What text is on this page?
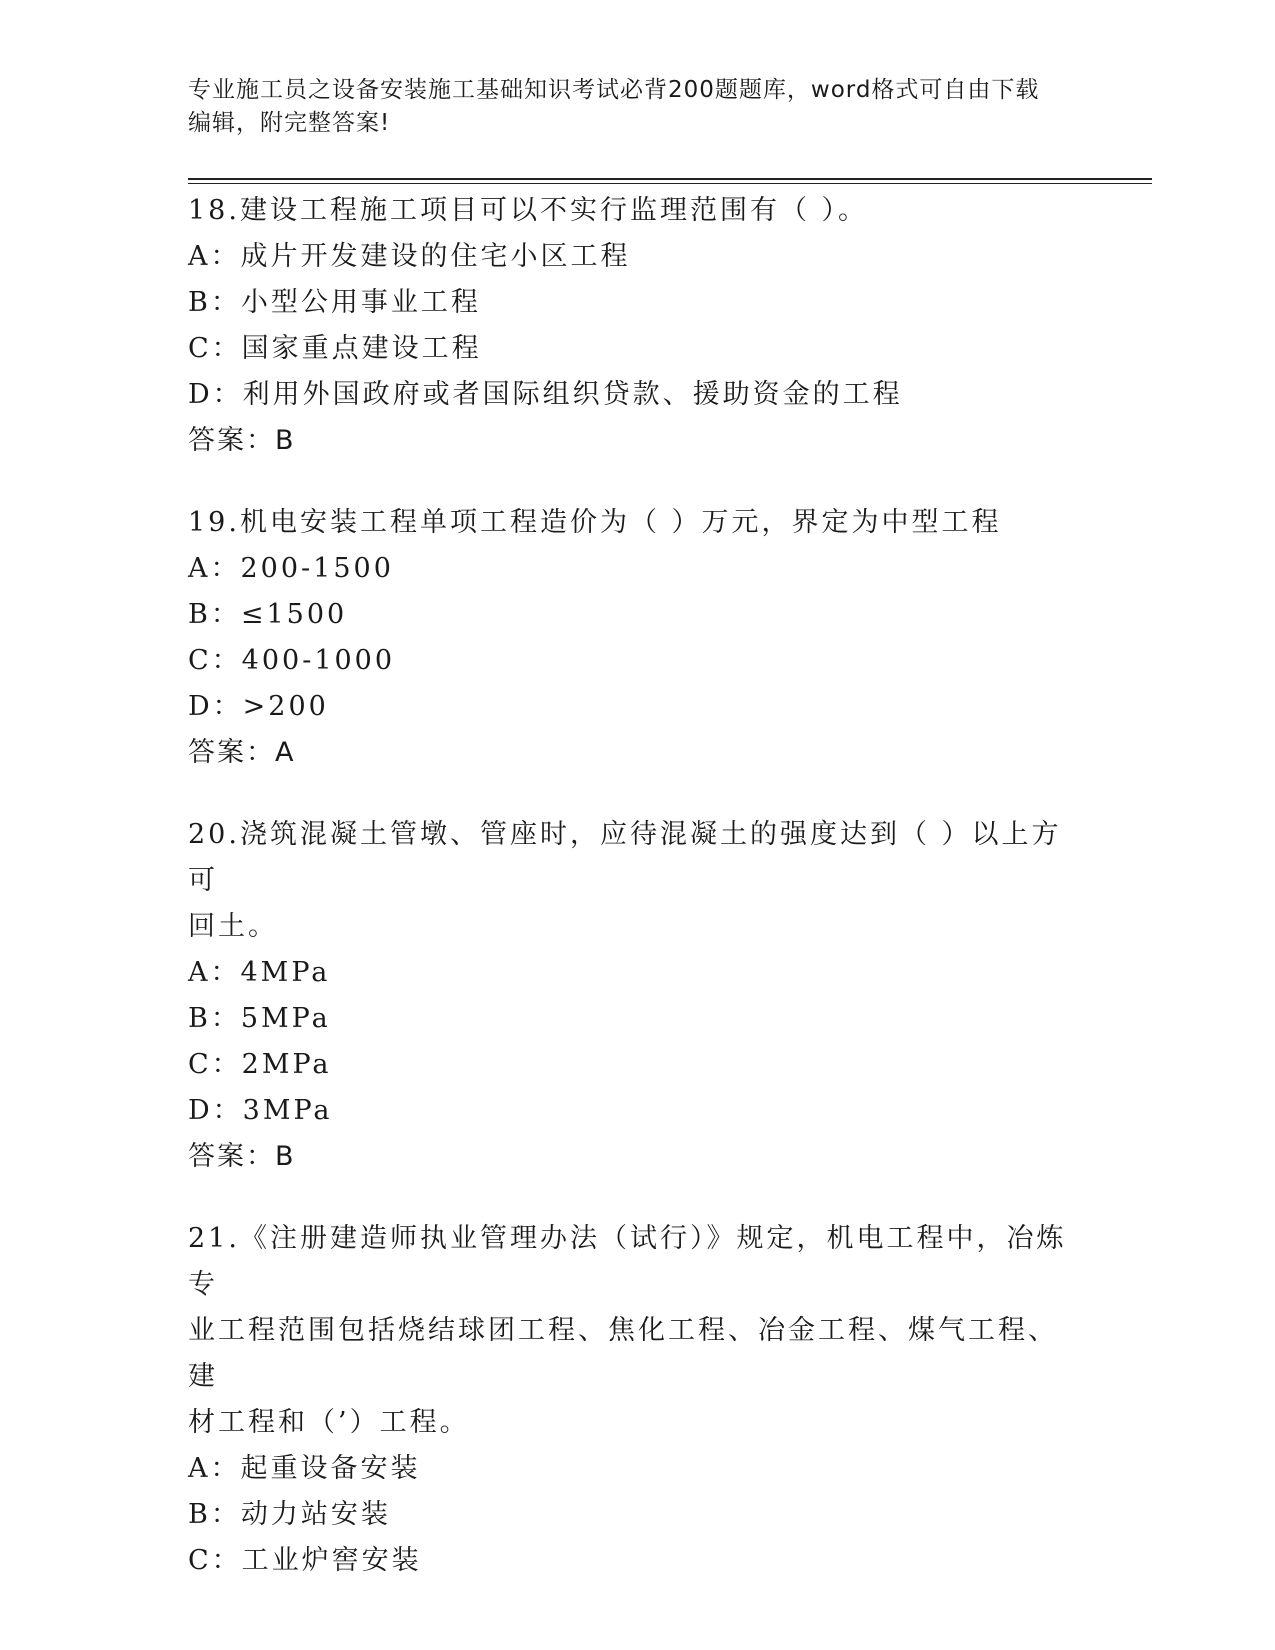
专业施工员之设备安装施工基础知识考试必背200题题库，word格式可自由下载
编辑，附完整答案!
18.建设工程施工项目可以不实行监理范围有（ ）。
A：成片开发建设的住宅小区工程
B：小型公用事业工程
C：国家重点建设工程
D：利用外国政府或者国际组织贷款、援助资金的工程
答案：B
19.机电安装工程单项工程造价为（ ）万元，界定为中型工程
A：200-1500
B：≤1500
C：400-1000
D：>200
答案：A
20.浇筑混凝土管墩、管座时，应待混凝土的强度达到（ ）以上方可
回土。
A：4MPa
B：5MPa
C：2MPa
D：3MPa
答案：B
21.《注册建造师执业管理办法（试行）》规定，机电工程中，冶炼专
业工程范围包括烧结球团工程、焦化工程、冶金工程、煤气工程、建
材工程和（’）工程。
A：起重设备安装
B：动力站安装
C：工业炉窖安装
